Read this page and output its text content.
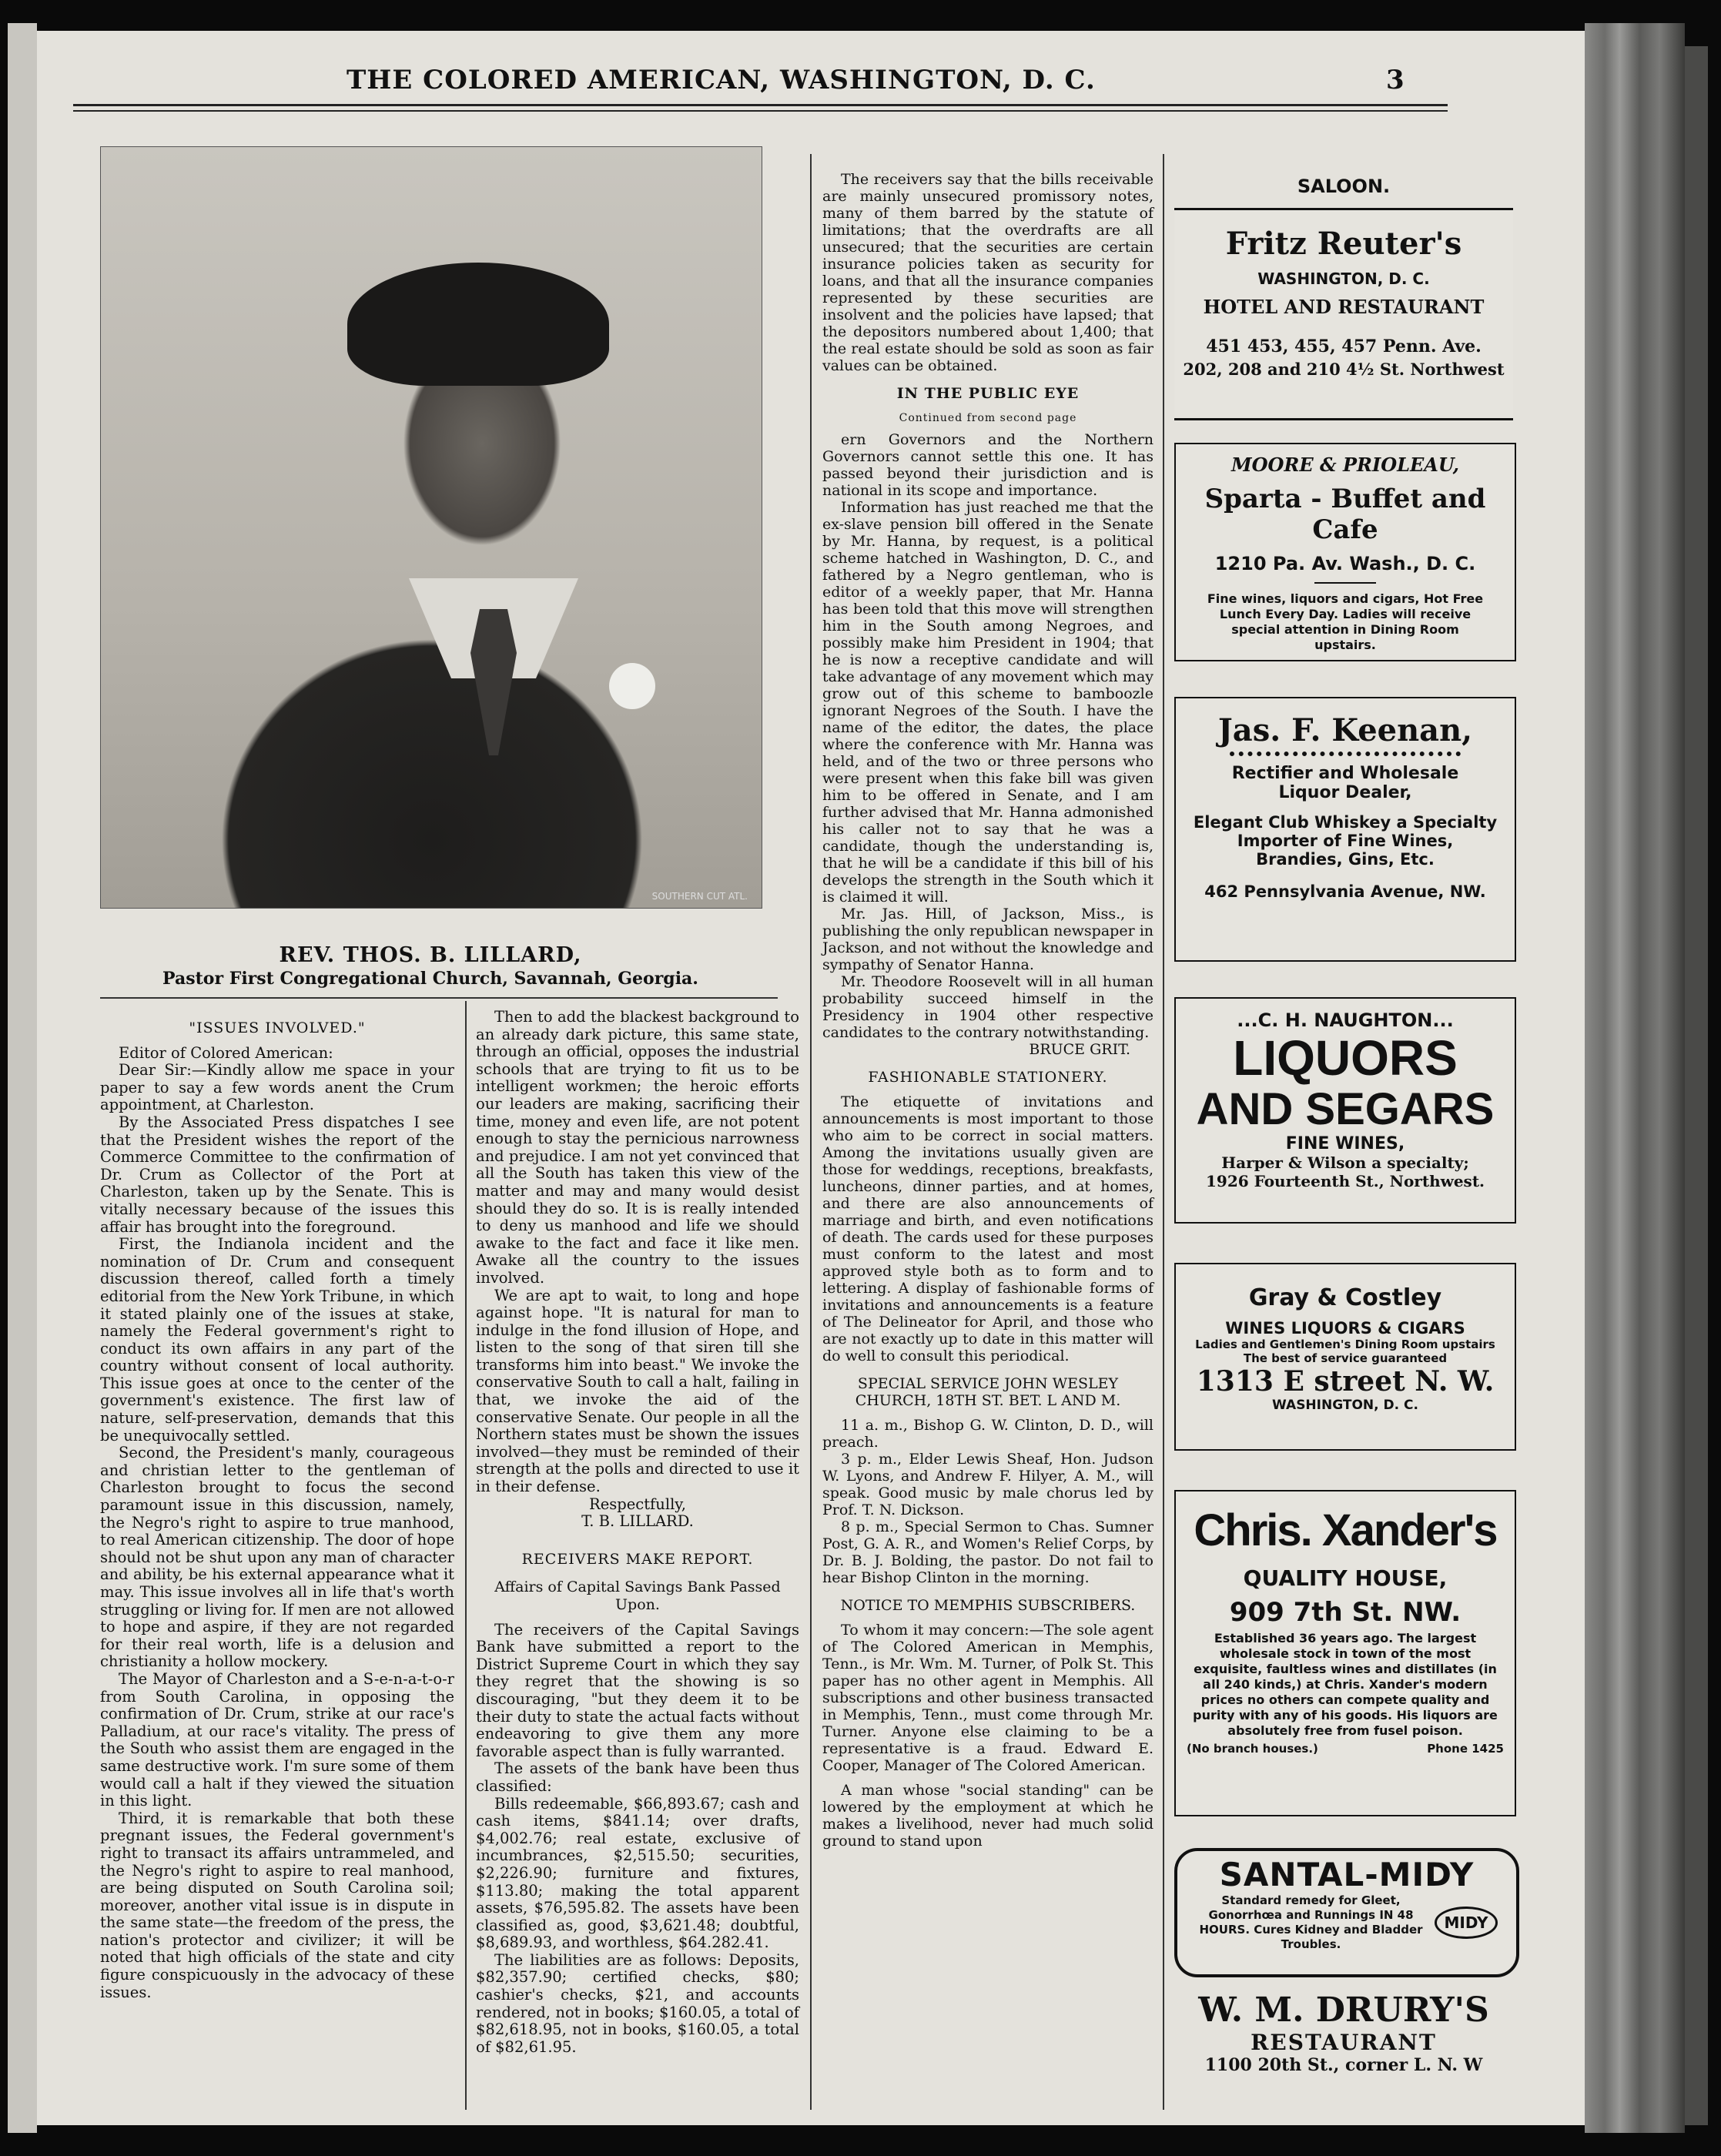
THE COLORED AMERICAN, WASHINGTON, D. C.	3
SOUTHERN CUT ATL.
REV. THOS. B. LILLARD,
Pastor First Congregational Church, Savannah, Georgia.

"ISSUES INVOLVED."

Editor of Colored American:

Dear Sir:—Kindly allow me space in your paper to say a few words anent the Crum appointment, at Charleston.

By the Associated Press dispatches I see that the President wishes the report of the Commerce Committee to the confirmation of Dr. Crum as Collector of the Port at Charleston, taken up by the Senate. This is vitally necessary because of the issues this affair has brought into the foreground.

First, the Indianola incident and the nomination of Dr. Crum and consequent discussion thereof, called forth a timely editorial from the New York Tribune, in which it stated plainly one of the issues at stake, namely the Federal government's right to conduct its own affairs in any part of the country without consent of local authority. This issue goes at once to the center of the government's existence. The first law of nature, self-preservation, demands that this be unequivocally settled.

Second, the President's manly, courageous and christian letter to the gentleman of Charleston brought to focus the second paramount issue in this discussion, namely, the Negro's right to aspire to true manhood, to real American citizenship. The door of hope should not be shut upon any man of character and ability, be his external appearance what it may. This issue involves all in life that's worth struggling or living for. If men are not allowed to hope and aspire, if they are not regarded for their real worth, life is a delusion and christianity a hollow mockery.

The Mayor of Charleston and a S-e-n-a-t-o-r from South Carolina, in opposing the confirmation of Dr. Crum, strike at our race's Palladium, at our race's vitality. The press of the South who assist them are engaged in the same destructive work. I'm sure some of them would call a halt if they viewed the situation in this light.

Third, it is remarkable that both these pregnant issues, the Federal government's right to transact its affairs untrammeled, and the Negro's right to aspire to real manhood, are being disputed on South Carolina soil; moreover, another vital issue is in dispute in the same state—the freedom of the press, the nation's protector and civilizer; it will be noted that high officials of the state and city figure conspicuously in the advocacy of these issues.

Then to add the blackest background to an already dark picture, this same state, through an official, opposes the industrial schools that are trying to fit us to be intelligent workmen; the heroic efforts our leaders are making, sacrificing their time, money and even life, are not potent enough to stay the pernicious narrowness and prejudice. I am not yet convinced that all the South has taken this view of the matter and may and many would desist should they do so. It is is really intended to deny us manhood and life we should awake to the fact and face it like men. Awake all the country to the issues involved.

We are apt to wait, to long and hope against hope. "It is natural for man to indulge in the fond illusion of Hope, and listen to the song of that siren till she transforms him into beast." We invoke the conservative South to call a halt, failing in that, we invoke the aid of the conservative Senate. Our people in all the Northern states must be shown the issues involved—they must be reminded of their strength at the polls and directed to use it in their defense.

Respectfully,

T. B. LILLARD.

RECEIVERS MAKE REPORT.

Affairs of Capital Savings Bank Passed Upon.

The receivers of the Capital Savings Bank have submitted a report to the District Supreme Court in which they say they regret that the showing is so discouraging, "but they deem it to be their duty to state the actual facts without endeavoring to give them any more favorable aspect than is fully warranted.

The assets of the bank have been thus classified:

Bills redeemable, $66,893.67; cash and cash items, $841.14; over drafts, $4,002.76; real estate, exclusive of incumbrances, $2,515.50; securities, $2,226.90; furniture and fixtures, $113.80; making the total apparent assets, $76,595.82. The assets have been classified as, good, $3,621.48; doubtful, $8,689.93, and worthless, $64.282.41.

The liabilities are as follows: Deposits, $82,357.90; certified checks, $80; cashier's checks, $21, and accounts rendered, not in books; $160.05, a total of $82,618.95, not in books, $160.05, a total of $82,61.95.

The receivers say that the bills receivable are mainly unsecured promissory notes, many of them barred by the statute of limitations; that the overdrafts are all unsecured; that the securities are certain insurance policies taken as security for loans, and that all the insurance companies represented by these securities are insolvent and the policies have lapsed; that the depositors numbered about 1,400; that the real estate should be sold as soon as fair values can be obtained.

IN THE PUBLIC EYE

Continued from second page

ern Governors and the Northern Governors cannot settle this one. It has passed beyond their jurisdiction and is national in its scope and importance.

Information has just reached me that the ex-slave pension bill offered in the Senate by Mr. Hanna, by request, is a political scheme hatched in Washington, D. C., and fathered by a Negro gentleman, who is editor of a weekly paper, that Mr. Hanna has been told that this move will strengthen him in the South among Negroes, and possibly make him President in 1904; that he is now a receptive candidate and will take advantage of any movement which may grow out of this scheme to bamboozle ignorant Negroes of the South. I have the name of the editor, the dates, the place where the conference with Mr. Hanna was held, and of the two or three persons who were present when this fake bill was given him to be offered in Senate, and I am further advised that Mr. Hanna admonished his caller not to say that he was a candidate, though the understanding is, that he will be a candidate if this bill of his develops the strength in the South which it is claimed it will.

Mr. Jas. Hill, of Jackson, Miss., is publishing the only republican newspaper in Jackson, and not without the knowledge and sympathy of Senator Hanna.

Mr. Theodore Roosevelt will in all human probability succeed himself in the Presidency in 1904 other respective candidates to the contrary notwithstanding.

BRUCE GRIT.

FASHIONABLE STATIONERY.

The etiquette of invitations and announcements is most important to those who aim to be correct in social matters. Among the invitations usually given are those for weddings, receptions, breakfasts, luncheons, dinner parties, and at homes, and there are also announcements of marriage and birth, and even notifications of death. The cards used for these purposes must conform to the latest and most approved style both as to form and to lettering. A display of fashionable forms of invitations and announcements is a feature of The Delineator for April, and those who are not exactly up to date in this matter will do well to consult this periodical.

SPECIAL SERVICE JOHN WESLEY CHURCH, 18TH ST. BET. L AND M.

11 a. m., Bishop G. W. Clinton, D. D., will preach.

3 p. m., Elder Lewis Sheaf, Hon. Judson W. Lyons, and Andrew F. Hilyer, A. M., will speak. Good music by male chorus led by Prof. T. N. Dickson.

8 p. m., Special Sermon to Chas. Sumner Post, G. A. R., and Women's Relief Corps, by Dr. B. J. Bolding, the pastor. Do not fail to hear Bishop Clinton in the morning.

NOTICE TO MEMPHIS SUBSCRIBERS.

To whom it may concern:—The sole agent of The Colored American in Memphis, Tenn., is Mr. Wm. M. Turner, of Polk St. This paper has no other agent in Memphis. All subscriptions and other business transacted in Memphis, Tenn., must come through Mr. Turner. Anyone else claiming to be a representative is a fraud. Edward E. Cooper, Manager of The Colored American.

A man whose "social standing" can be lowered by the employment at which he makes a livelihood, never had much solid ground to stand upon

SALOON.
Fritz Reuter's
WASHINGTON, D. C.
HOTEL AND RESTAURANT
451 453, 455, 457 Penn. Ave.
202, 208 and 210 4½ St. Northwest
MOORE & PRIOLEAU,
Sparta - Buffet and Cafe
1210 Pa. Av. Wash., D. C.
Fine wines, liquors and cigars, Hot Free Lunch Every Day. Ladies will receive special attention in Dining Room upstairs.
Jas. F. Keenan,
Rectifier and Wholesale
Liquor Dealer,
Elegant Club Whiskey a Specialty
Importer of Fine Wines, Brandies, Gins, Etc.
462 Pennsylvania Avenue, NW.
...C. H. NAUGHTON...
LIQUORS
AND SEGARS
FINE WINES,
Harper & Wilson a specialty;
1926 Fourteenth St., Northwest.
Gray & Costley
WINES LIQUORS & CIGARS
Ladies and Gentlemen's Dining Room upstairs The best of service guaranteed
1313 E street N. W.
WASHINGTON, D. C.
Chris. Xander's
QUALITY HOUSE,
909 7th St. NW.
Established 36 years ago. The largest wholesale stock in town of the most exquisite, faultless wines and distillates (in all 240 kinds,) at Chris. Xander's modern prices no others can compete quality and purity with any of his goods. His liquors are absolutely free from fusel poison.
(No branch houses.)	Phone 1425
SANTAL-MIDY
Standard remedy for Gleet, Gonorrhœa and Runnings IN 48 HOURS. Cures Kidney and Bladder Troubles.
MIDY
W. M. DRURY'S
RESTAURANT
1100 20th St., corner L. N. W
